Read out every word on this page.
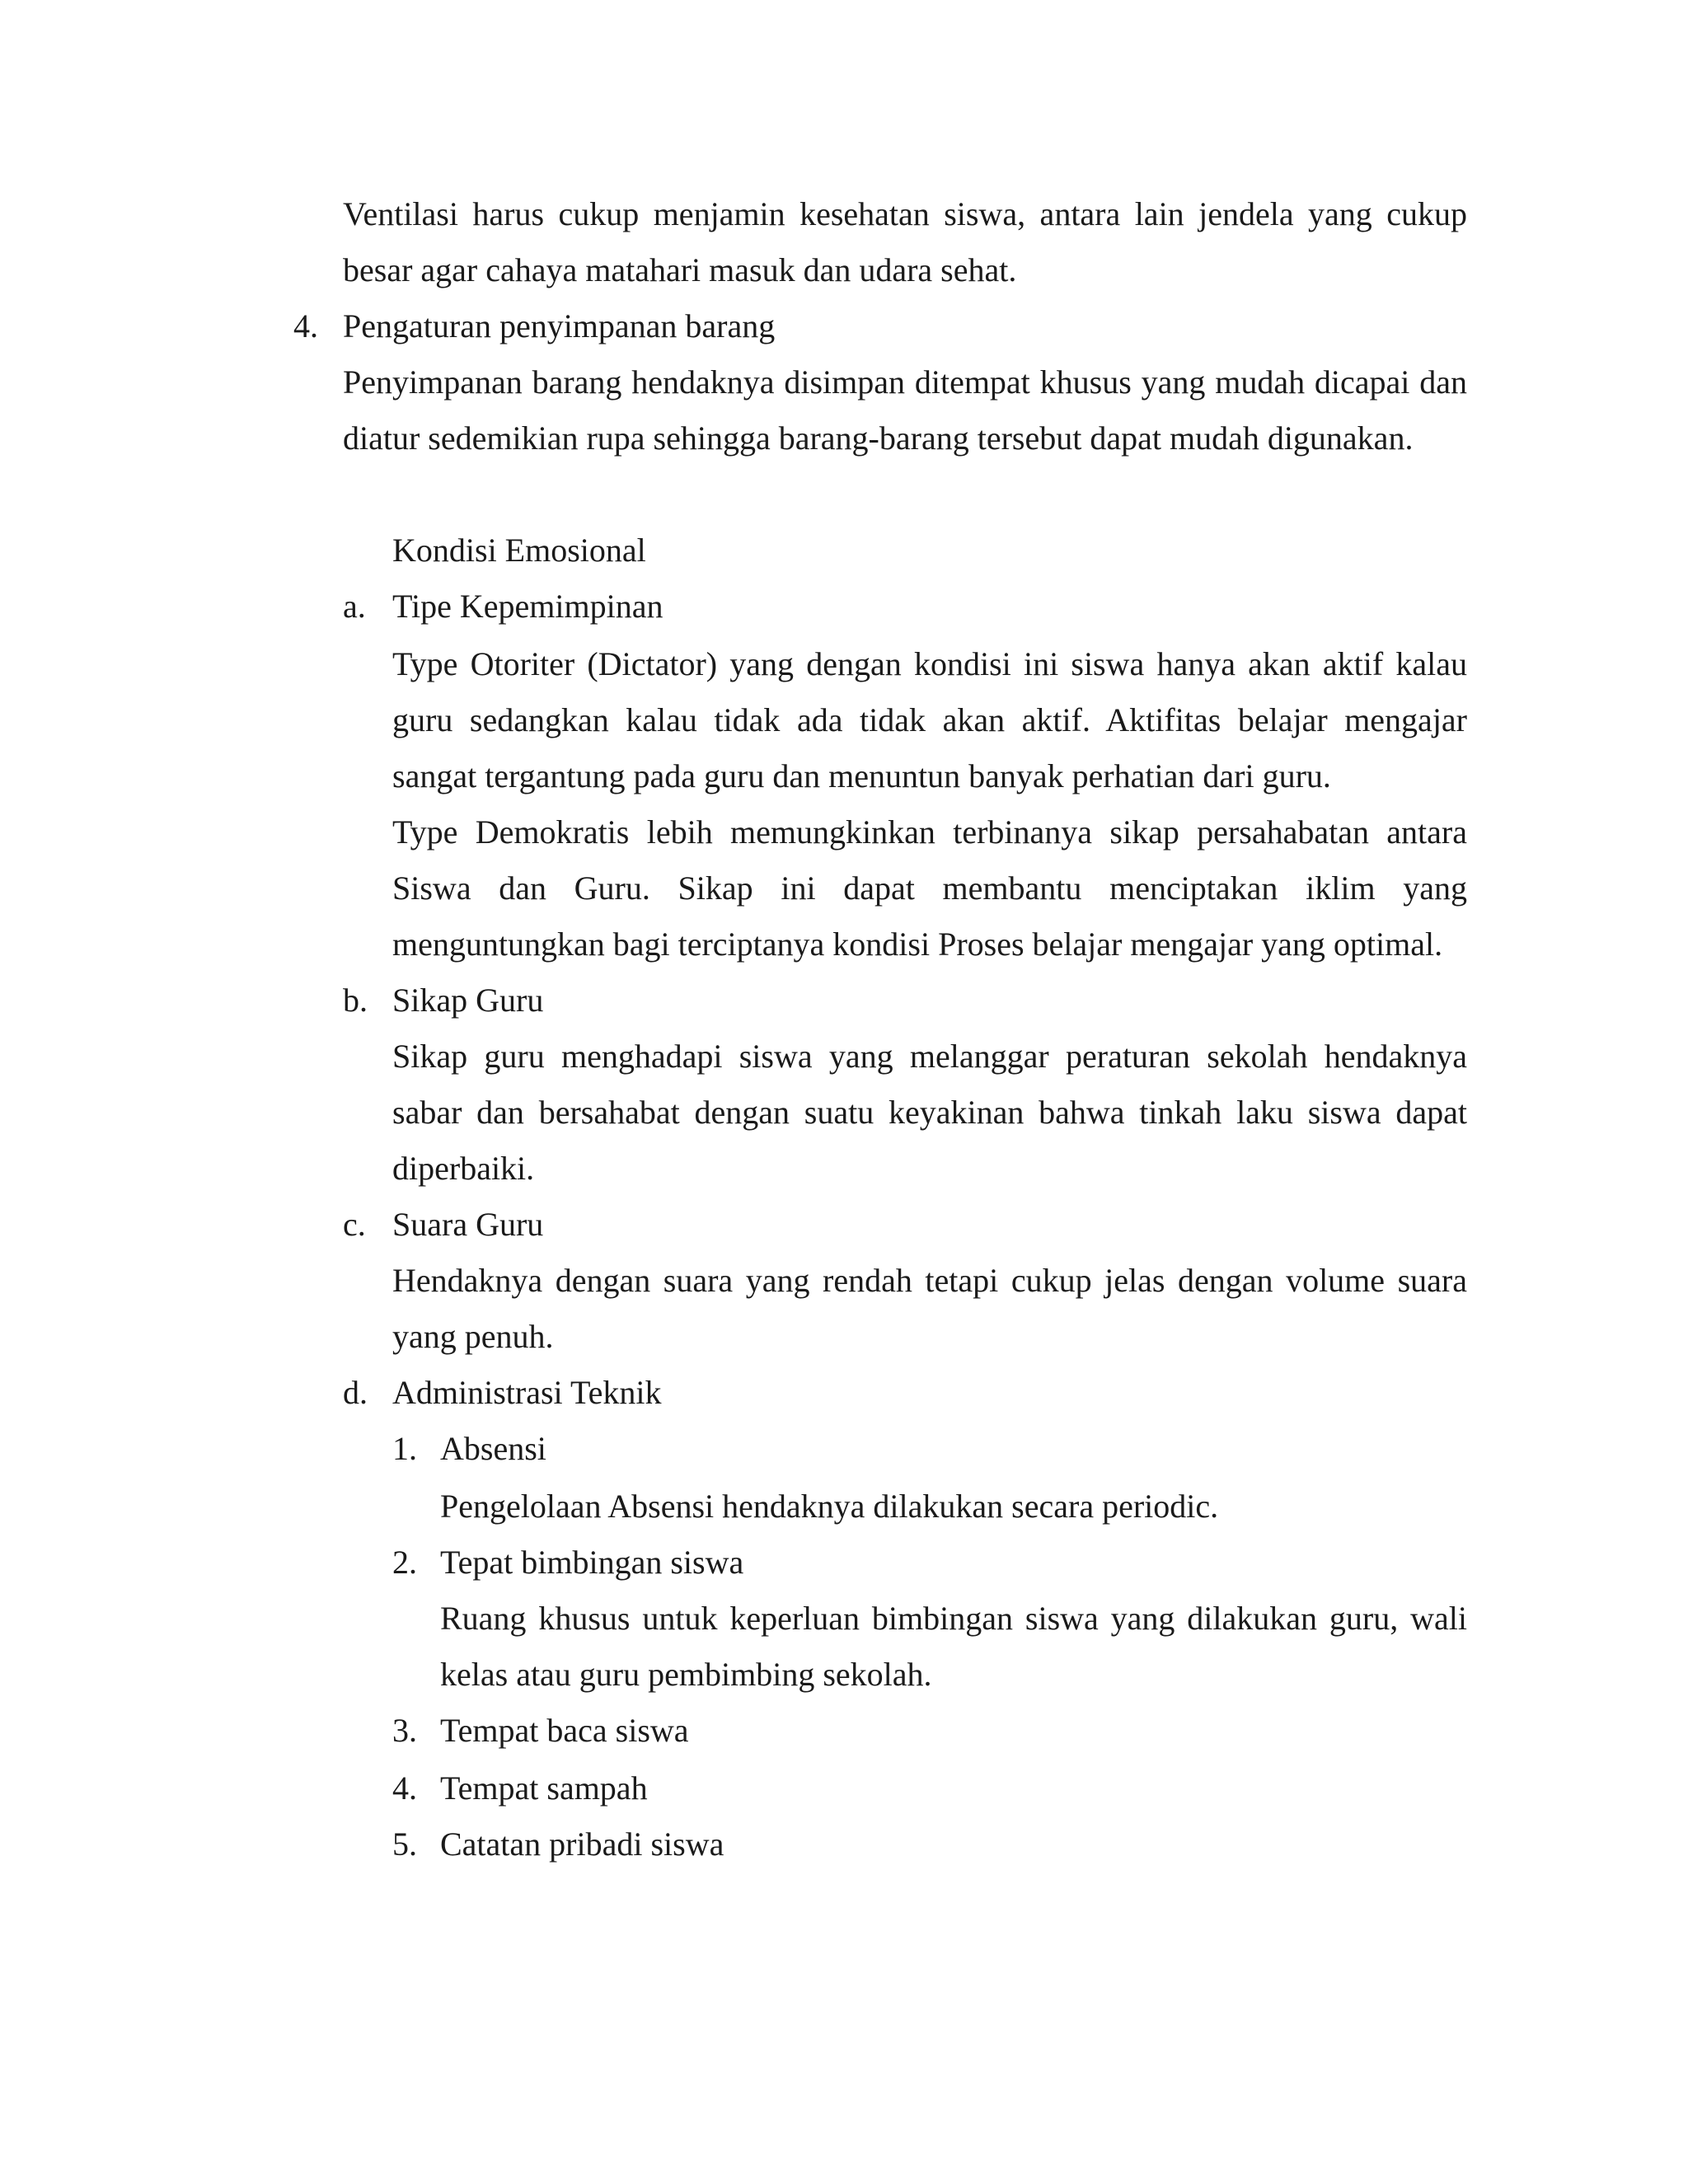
Ventilasi harus cukup menjamin kesehatan siswa, antara lain jendela yang cukup
besar agar cahaya matahari masuk dan udara sehat.
4. Pengaturan penyimpanan barang
Penyimpanan barang hendaknya disimpan ditempat khusus yang mudah dicapai dan
diatur sedemikian rupa sehingga barang-barang tersebut dapat mudah digunakan.
Kondisi Emosional
a. Tipe Kepemimpinan
Type Otoriter (Dictator) yang dengan kondisi ini siswa hanya akan aktif kalau
guru sedangkan kalau tidak ada tidak akan aktif. Aktifitas belajar mengajar
sangat tergantung pada guru dan menuntun banyak perhatian dari guru.
Type Demokratis lebih memungkinkan terbinanya sikap persahabatan antara
Siswa dan Guru. Sikap ini dapat membantu menciptakan iklim yang
menguntungkan bagi terciptanya kondisi Proses belajar mengajar yang optimal.
b. Sikap Guru
Sikap guru menghadapi siswa yang melanggar peraturan sekolah hendaknya
sabar dan bersahabat dengan suatu keyakinan bahwa tinkah laku siswa dapat
diperbaiki.
c. Suara Guru
Hendaknya dengan suara yang rendah tetapi cukup jelas dengan volume suara
yang penuh.
d. Administrasi Teknik
1. Absensi
Pengelolaan Absensi hendaknya dilakukan secara periodic.
2. Tepat bimbingan siswa
Ruang khusus untuk keperluan bimbingan siswa yang dilakukan guru, wali
kelas atau guru pembimbing sekolah.
3. Tempat baca siswa
4. Tempat sampah
5. Catatan pribadi siswa
